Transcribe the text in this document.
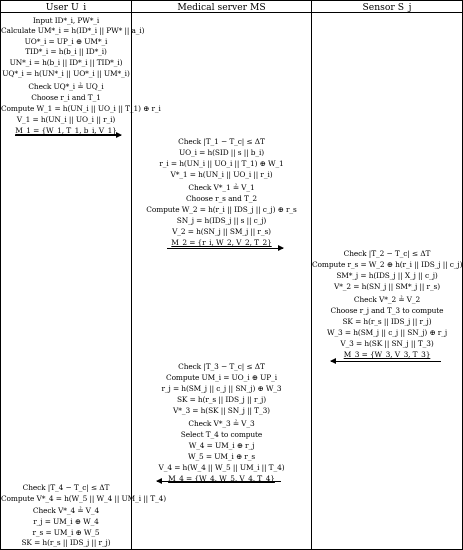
User U_i	Medical server MS	Sensor S_j
Input ID*_i, PW*_i
Calculate UM*_i = h(ID*_i || PW* || a_i)
UO*_i = UP_i ⊕ UM*_i
TID*_i = h(b_i || ID*_i)
UN*_i = h(b_i || ID*_i || TID*_i)
UQ*_i = h(UN*_i || UO*_i || UM*_i)
Check UQ*_i ≟ UQ_i
Choose r_i and T_1
Compute W_1 = h(UN_i || UO_i || T_1) ⊕ r_i
V_1 = h(UN_i || UO_i || r_i)
M_1 = {W_1, T_1, b_i, V_1}
Check |T_1 − T_c| ≤ ΔT
UO_i = h(SID || s || b_i)
r_i = h(UN_i || UO_i || T_1) ⊕ W_1
V*_1 = h(UN_i || UO_i || r_i)
Check V*_1 ≟ V_1
Choose r_s and T_2
Compute W_2 = h(r_i || IDS_j || c_j) ⊕ r_s
SN_j = h(IDS_j || s || c_j)
V_2 = h(SN_j || SM_j || r_s)
M_2 = {r_i, W_2, V_2, T_2}
Check |T_2 − T_c| ≤ ΔT
Compute r_s = W_2 ⊕ h(r_i || IDS_j || c_j)
SM*_j = h(IDS_j || X_j || c_j)
V*_2 = h(SN_j || SM*_j || r_s)
Check V*_2 ≟ V_2
Choose r_j and T_3 to compute
SK = h(r_s || IDS_j || r_j)
W_3 = h(SM_j || c_j || SN_j) ⊕ r_j
V_3 = h(SK || SN_j || T_3)
M_3 = {W_3, V_3, T_3}
Check |T_3 − T_c| ≤ ΔT
Compute UM_i = UO_i ⊕ UP_i
r_j = h(SM_j || c_j || SN_j) ⊕ W_3
SK = h(r_s || IDS_j || r_j)
V*_3 = h(SK || SN_j || T_3)
Check V*_3 ≟ V_3
Select T_4 to compute
W_4 = UM_i ⊕ r_j
W_5 = UM_i ⊕ r_s
V_4 = h(W_4 || W_5 || UM_i || T_4)
M_4 = {W_4, W_5, V_4, T_4}
Check |T_4 − T_c| ≤ ΔT
Compute V*_4 = h(W_5 || W_4 || UM_i || T_4)
Check V*_4 ≟ V_4
r_j = UM_i ⊕ W_4
r_s = UM_i ⊕ W_5
SK = h(r_s || IDS_j || r_j)
